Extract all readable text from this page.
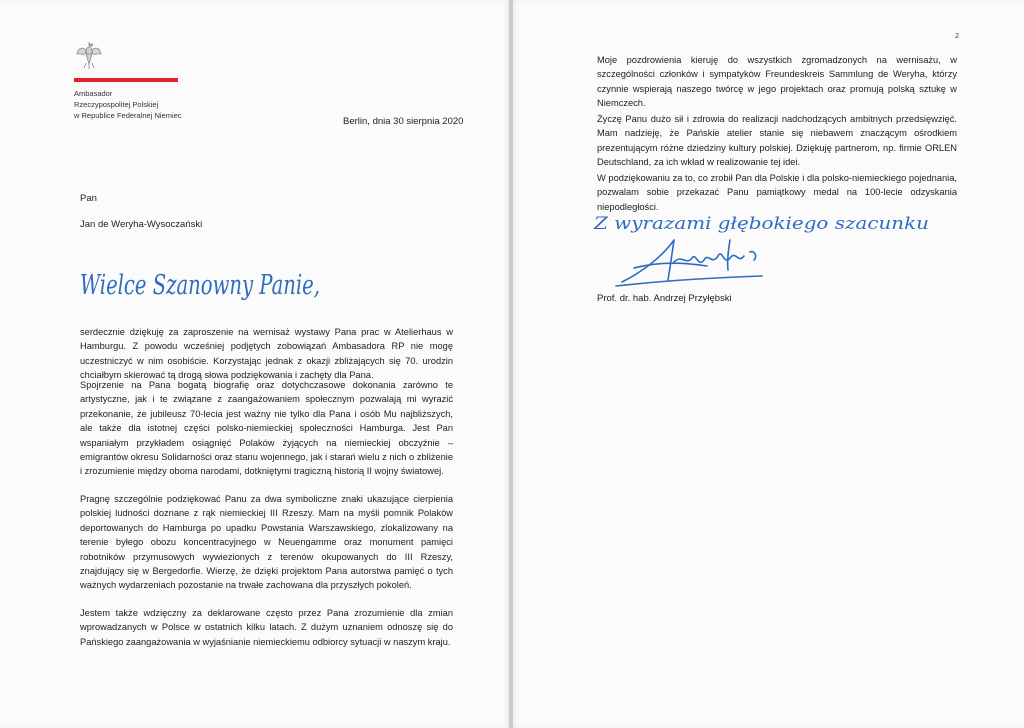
Ambasador
Rzeczypospolitej Polskiej
w Republice Federalnej Niemiec
Berlin, dnia 30 sierpnia 2020
Pan
Jan de Weryha-Wysoczański
Wielce Szanowny Panie,

serdecznie dziękuję za zaproszenie na wernisaż wystawy Pana prac w Atelierhaus w Hamburgu. Z powodu wcześniej podjętych zobowiązań Ambasadora RP nie mogę uczestniczyć w nim osobiście. Korzystając jednak z okazji zbliżających się 70. urodzin chciałbym skierować tą drogą słowa podziękowania i zachęty dla Pana.

Spojrzenie na Pana bogatą biografię oraz dotychczasowe dokonania zarówno te artystyczne, jak i te związane z zaangażowaniem społecznym pozwalają mi wyrazić przekonanie, że jubileusz 70-lecia jest ważny nie tylko dla Pana i osób Mu najbliższych, ale także dla istotnej części polsko-niemieckiej społeczności Hamburga. Jest Pan wspaniałym przykładem osiągnięć Polaków żyjących na niemieckiej obczyźnie – emigrantów okresu Solidarności oraz stanu wojennego, jak i starań wielu z nich o zbliżenie i zrozumienie między oboma narodami, dotkniętymi tragiczną historią II wojny światowej.

Pragnę szczególnie podziękować Panu za dwa symboliczne znaki ukazujące cierpienia polskiej ludności doznane z rąk niemieckiej III Rzeszy. Mam na myśli pomnik Polaków deportowanych do Hamburga po upadku Powstania Warszawskiego, zlokalizowany na terenie byłego obozu koncentracyjnego w Neuengamme oraz monument pamięci robotników przymusowych wywiezionych z terenów okupowanych do III Rzeszy, znajdujący się w Bergedorfie. Wierzę, że dzięki projektom Pana autorstwa pamięć o tych ważnych wydarzeniach pozostanie na trwałe zachowana dla przyszłych pokoleń.

Jestem także wdzięczny za deklarowane często przez Pana zrozumienie dla zmian wprowadzanych w Polsce w ostatnich kilku latach. Z dużym uznaniem odnoszę się do Pańskiego zaangażowania w wyjaśnianie niemieckiemu odbiorcy sytuacji w naszym kraju.

2

Moje pozdrowienia kieruję do wszystkich zgromadzonych na wernisażu, w szczególności członków i sympatyków Freundeskreis Sammlung de Weryha, którzy czynnie wspierają naszego twórcę w jego projektach oraz promują polską sztukę w Niemczech.

Życzę Panu dużo sił i zdrowia do realizacji nadchodzących ambitnych przedsięwzięć. Mam nadzieję, że Pańskie atelier stanie się niebawem znaczącym ośrodkiem prezentującym różne dziedziny kultury polskiej. Dziękuję partnerom, np. firmie ORLEN Deutschland, za ich wkład w realizowanie tej idei.

W podziękowaniu za to, co zrobił Pan dla Polskie i dla polsko-niemieckiego pojednania, pozwalam sobie przekazać Panu pamiątkowy medal na 100-lecie odzyskania niepodległości.

Z wyrazami głębokiego szacunku
Prof. dr. hab. Andrzej Przyłębski
